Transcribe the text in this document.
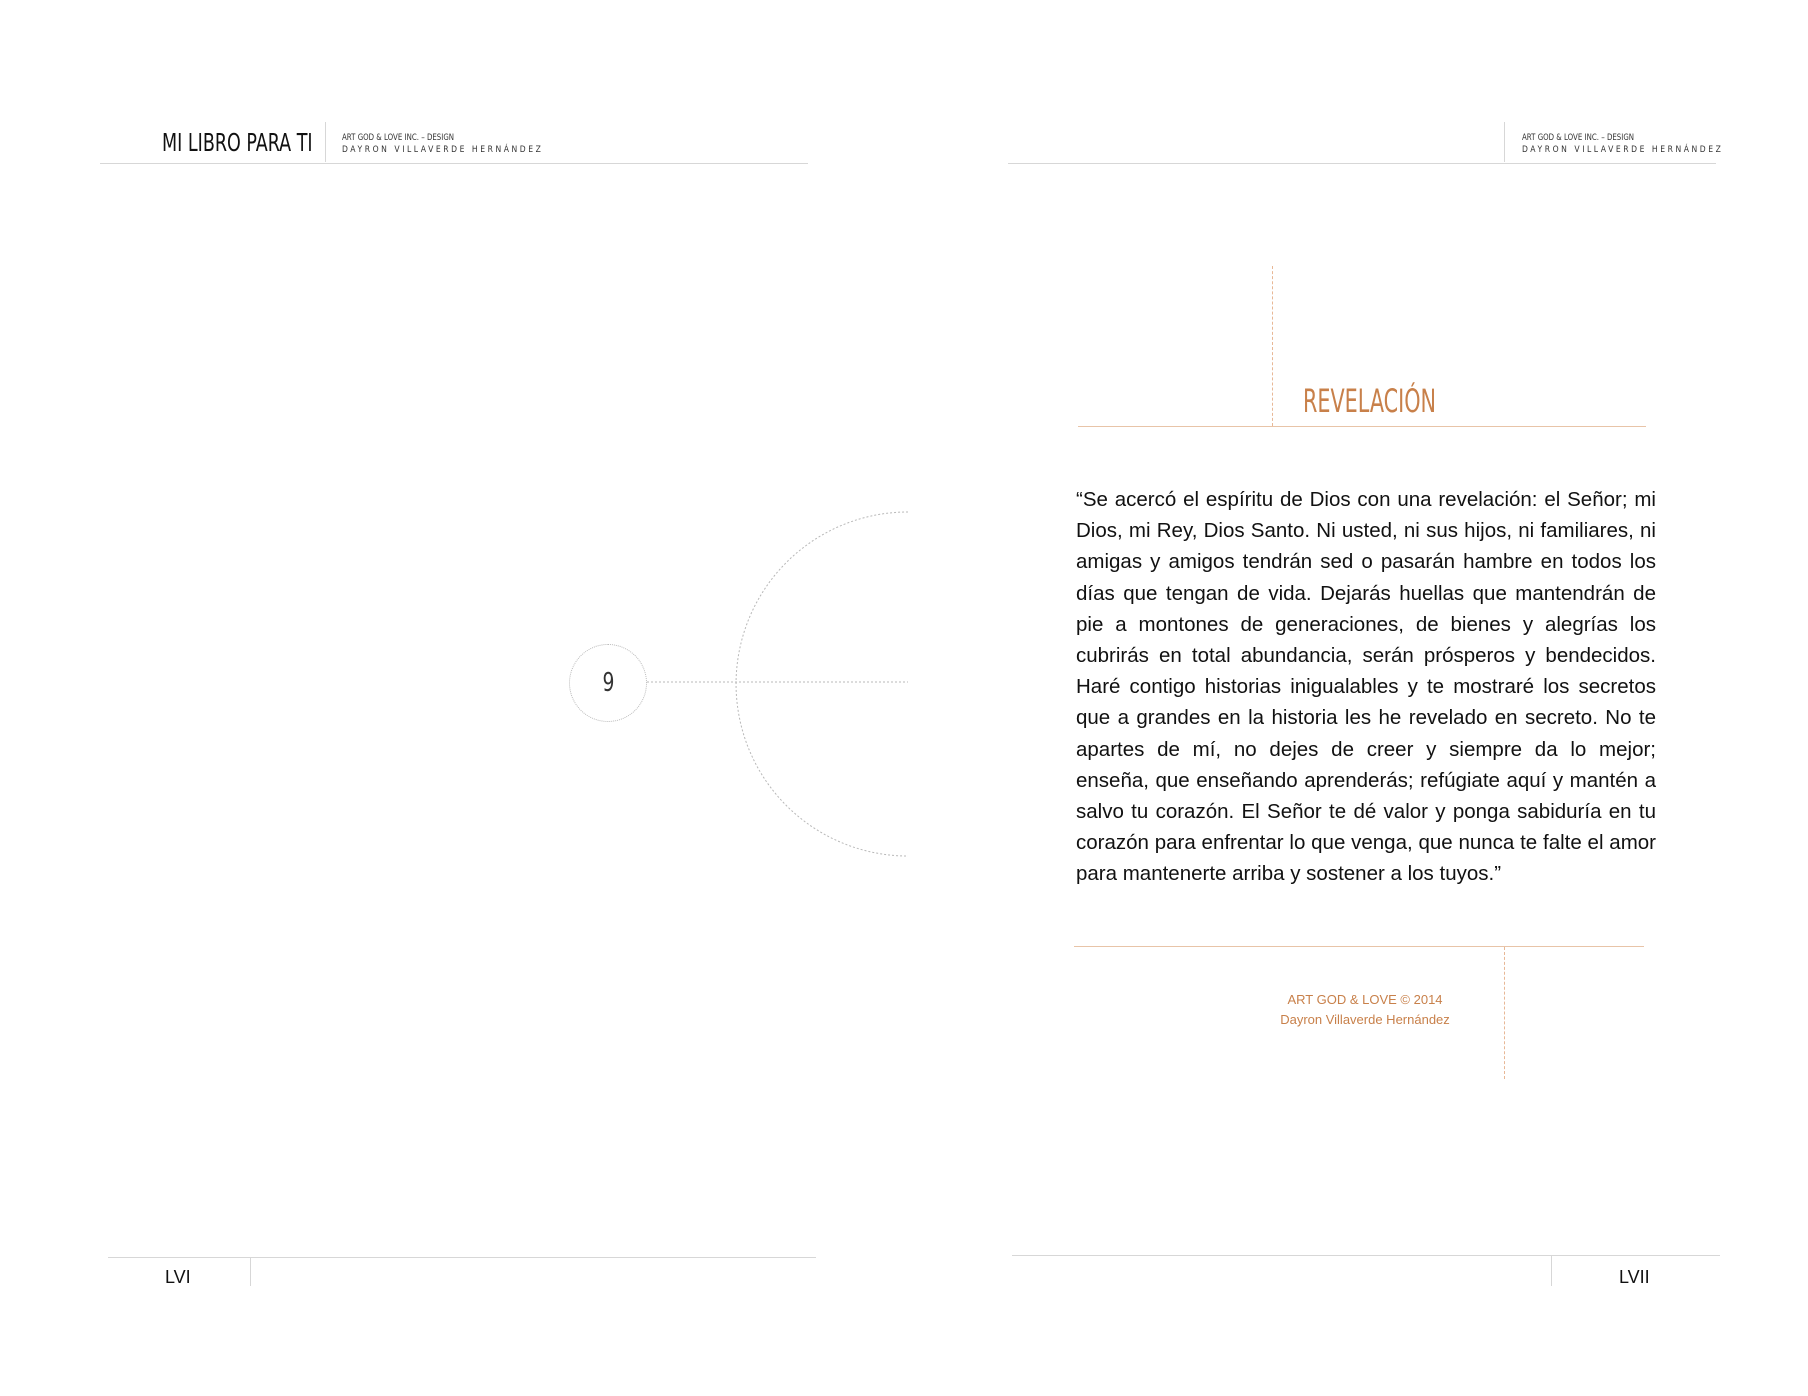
MI LIBRO PARA TI	ART GOD & LOVE INC. – DESIGN
DAYRON VILLAVERDE HERNÁNDEZ
9
LVI
ART GOD & LOVE INC. – DESIGN
DAYRON VILLAVERDE HERNÁNDEZ
REVELACIÓN
“Se acercó el espíritu de Dios con una revelación: el Señor; mi Dios, mi Rey, Dios Santo. Ni usted, ni sus hijos, ni familiares, ni amigas y amigos tendrán sed o pasarán hambre en todos los días que tengan de vida. Dejarás huellas que mantendrán de pie a montones de generaciones, de bienes y alegrías los cubrirás en total abundancia, serán prósperos y bendecidos. Haré contigo historias inigualables y te mostraré los secretos que a grandes en la historia les he revelado en secreto. No te apartes de mí, no dejes de creer y siempre da lo mejor; enseña, que enseñando aprenderás; refúgiate aquí y mantén a salvo tu corazón. El Señor te dé valor y ponga sabiduría en tu corazón para enfrentar lo que venga, que nunca te falte el amor para mantenerte arriba y sostener a los tuyos.”
ART GOD & LOVE © 2014
Dayron Villaverde Hernández
LVII
